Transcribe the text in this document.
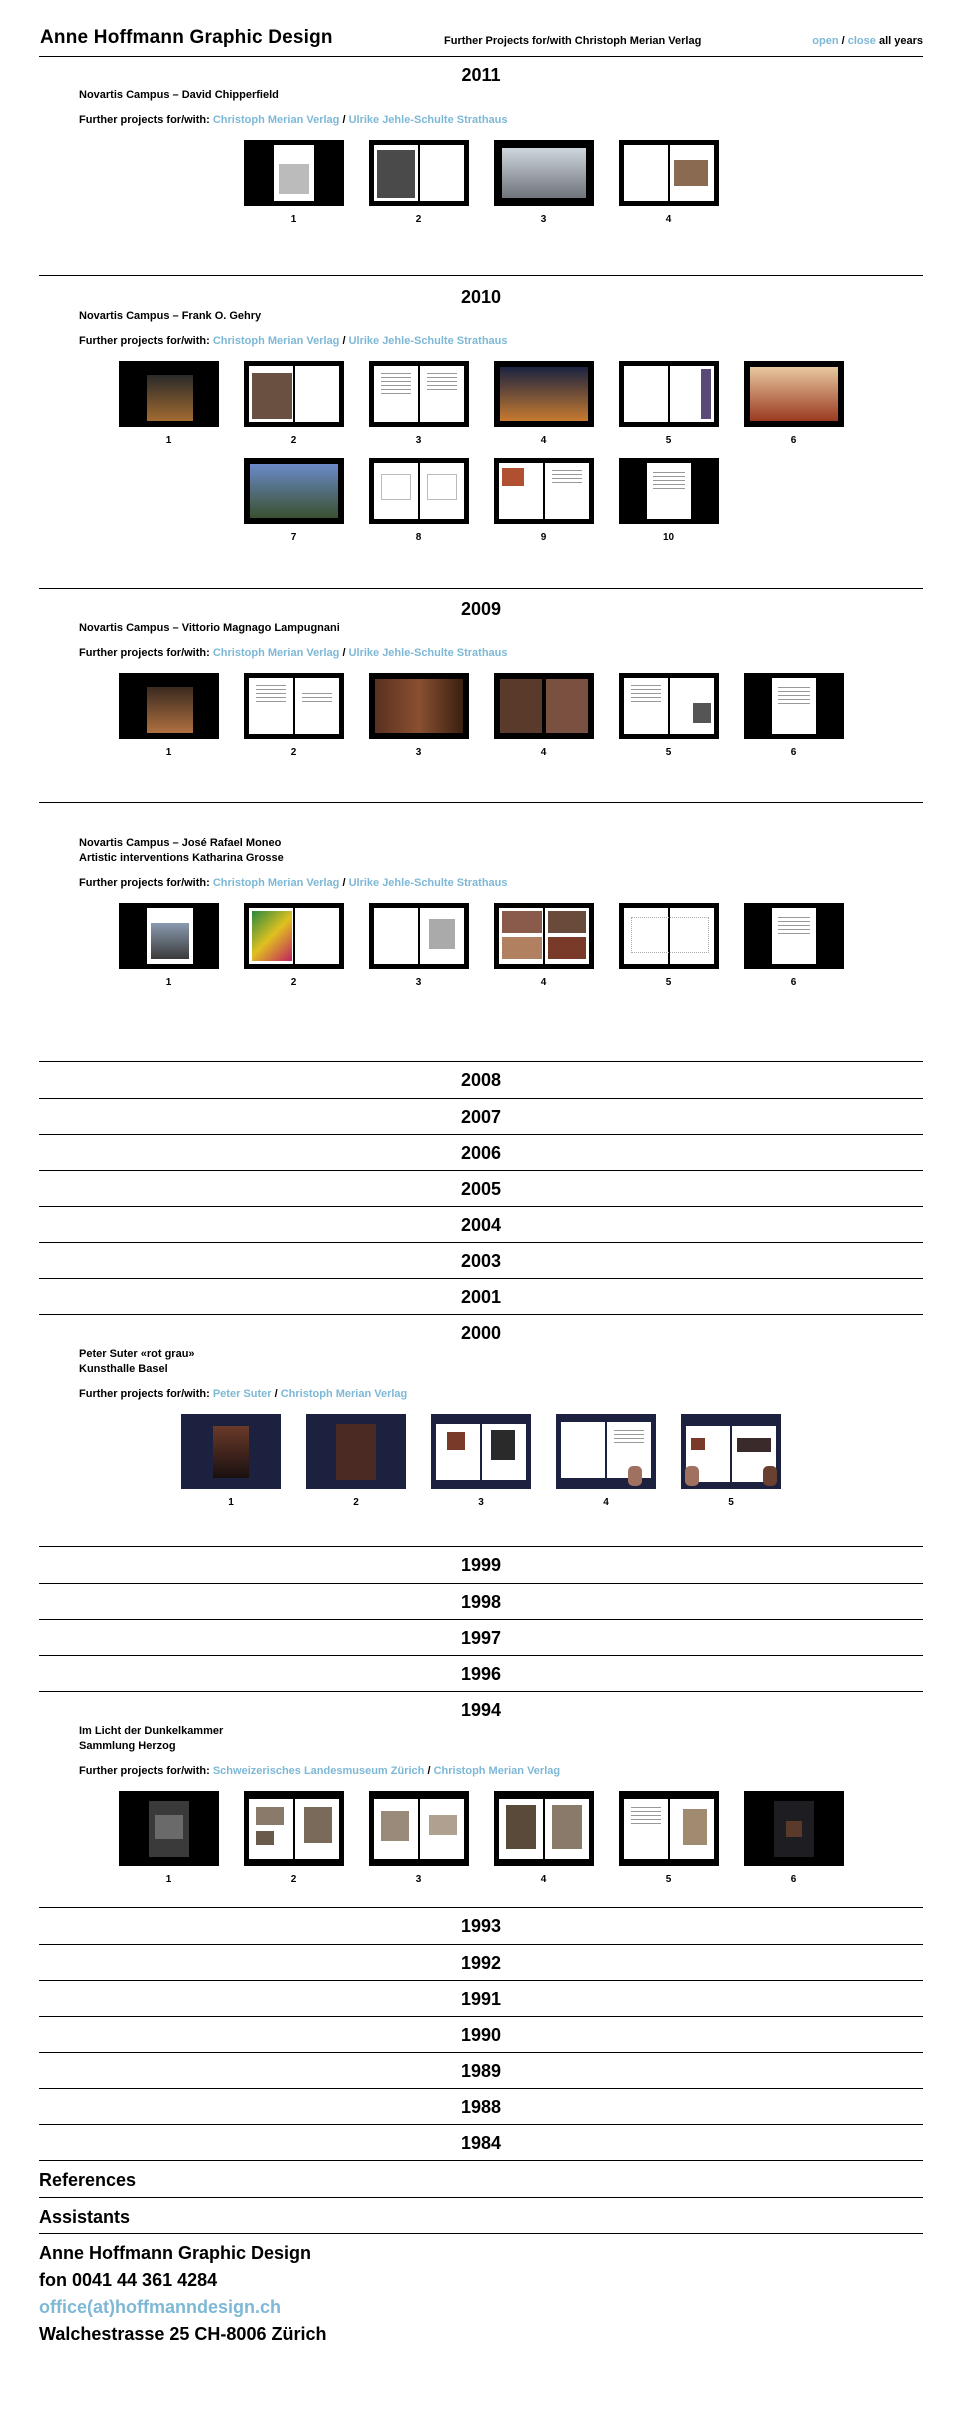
Anne Hoffmann Graphic Design	Further Projects for/with Christoph Merian Verlag	open / close all years
2011
Novartis Campus – David Chipperfield
Further projects for/with: Christoph Merian Verlag / Ulrike Jehle-Schulte Strathaus
1	2	3	4
2010
Novartis Campus – Frank O. Gehry
Further projects for/with: Christoph Merian Verlag / Ulrike Jehle-Schulte Strathaus
1	2	3	4	5	6
7	8	9	10
2009
Novartis Campus – Vittorio Magnago Lampugnani
Further projects for/with: Christoph Merian Verlag / Ulrike Jehle-Schulte Strathaus
1	2	3	4	5	6
Novartis Campus – José Rafael Moneo
Artistic interventions Katharina Grosse
Further projects for/with: Christoph Merian Verlag / Ulrike Jehle-Schulte Strathaus
1	2	3	4	5	6
2008
2007
2006
2005
2004
2003
2001
2000
Peter Suter «rot grau»
Kunsthalle Basel
Further projects for/with: Peter Suter / Christoph Merian Verlag
1	2	3	4	5
1999
1998
1997
1996
1994
Im Licht der Dunkelkammer
Sammlung Herzog
Further projects for/with: Schweizerisches Landesmuseum Zürich / Christoph Merian Verlag
1	2	3	4	5	6
1993
1992
1991
1990
1989
1988
1984
References
Assistants
Anne Hoffmann Graphic Design
fon 0041 44 361 4284
office(at)hoffmanndesign.ch
Walchestrasse 25 CH-8006 Zürich
